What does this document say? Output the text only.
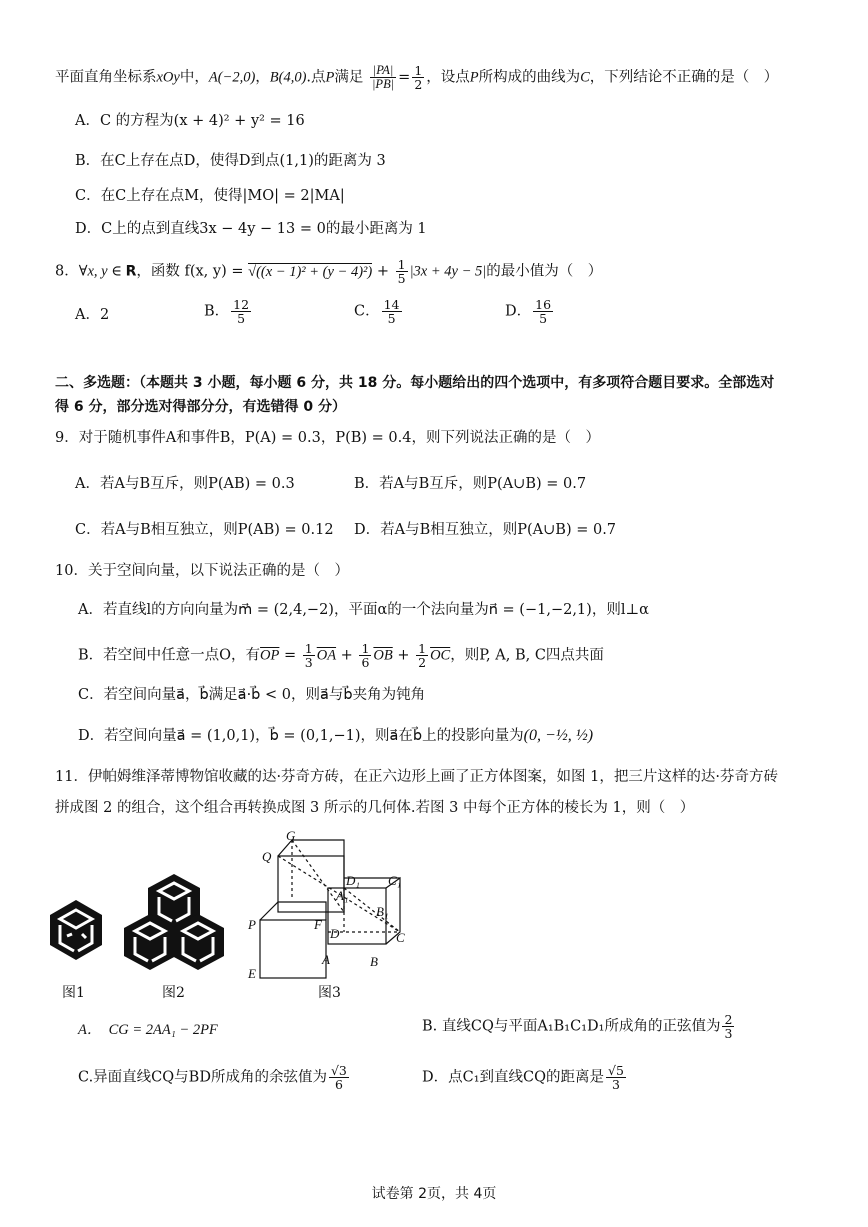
平面直角坐标系xOy中，A(−2,0)，B(4,0).点P满足 $\frac{|PA|}{|PB|} = \frac{1}{2}$ ，设点P所构成的曲线为C，下列结论不正确的是（　）
A．C 的方程为(x + 4)² + y² = 16
B．在C上存在点D，使得D到点(1,1)的距离为 3
C．在C上存在点M，使得|MO| = 2|MA|
D．C上的点到直线3x − 4y − 13 = 0的最小距离为 1
8．∀x, y ∈ R，函数 f(x, $y) = √((x - 1)^2 + (y - 4)^2) + \frac{1}{5} |3x + 4y - 5|$的最小值为（　）
A．2	B． $\frac{12}{5}$	C． $\frac{14}{5}$	D． $\frac{16}{5}$
二、多选题：（本题共 3 小题，每小题 6 分，共 18 分。每小题给出的四个选项中，有多项符合题目要求。全部选对
得 6 分，部分选对得部分分，有选错得 0 分）
9．对于随机事件A和事件B，P(A) = 0.3，P(B) = 0.4，则下列说法正确的是（　）
A．若A与B互斥，则P(AB) = 0.3	B．若A与B互斥，则P(A∪B) = 0.7
C．若A与B相互独立，则P(AB) = 0.12 D．若A与B相互独立，则P(A∪B) = 0.7
10．关于空间向量，以下说法正确的是（　）
A．若直线l的方向向量为m⃗ = (2,4,−2)，平面α的一个法向量为n⃗ = (−1,−2,1)，则l⊥α
B．若空间中任意一点O，有$\overline{OP} = \frac{1}{3} \overline{OA} + \frac{1}{6} \overline{OB} + \frac{1}{2} \overline{OC}$，则P, A, B, C四点共面
C．若空间向量a⃗，b⃗满足a⃗·b⃗ < 0，则a⃗与b⃗夹角为钝角
D．若空间向量a⃗ = (1,0,1)，b⃗ = (0,1,−1)，则a⃗在b⃗上的投影向量为(0, −½, ½)
11．伊帕姆维泽蒂博物馆收藏的达·芬奇方砖，在正六边形上画了正方体图案，如图 1，把三片这样的达·芬奇方砖
拼成图 2 的组合，这个组合再转换成图 3 所示的几何体.若图 3 中每个正方体的棱长为 1，则（　）
图1	图2
G
Q
D₁ C₁
A₁
B₁
P	F
D	C
E
A	B
图3
A．　CG = 2AA₁ − 2PF	B. 直线CQ与平面A₁B₁C₁D₁所成角的正弦值为 $\frac{2}{3}$
C.异面直线CQ与BD所成角的余弦值为 $\frac{√3}{6}$	D．点C₁到直线CQ的距离是 $\frac{√5}{3}$
试卷第 2页，共 4页
